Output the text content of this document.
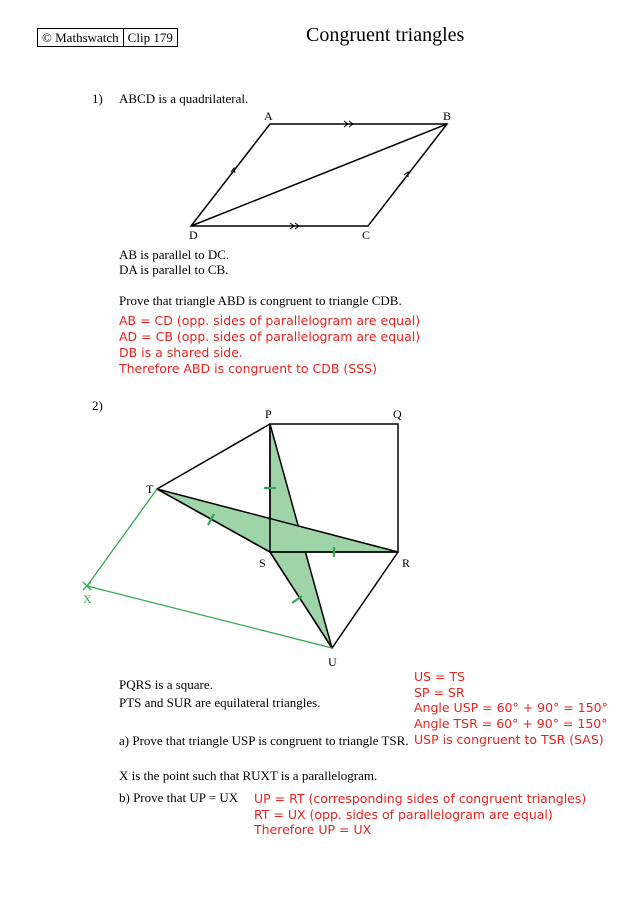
© Mathswatch Clip 179	Congruent triangles
1) ABCD is a quadrilateral.
A	B
C
D
AB is parallel to DC.
DA is parallel to CB.
Prove that triangle ABD is congruent to triangle CDB.
AB = CD (opp. sides of parallelogram are equal)
AD = CB (opp. sides of parallelogram are equal)
DB is a shared side.
Therefore ABD is congruent to CDB (SSS)
2)
P	Q
T
S	R
U
PQRS is a square.
PTS and SUR are equilateral triangles.
a) Prove that triangle USP is congruent to triangle TSR.
US = TS
SP = SR
Angle USP = 60° + 90° = 150°
Angle TSR = 60° + 90° = 150°
USP is congruent to TSR (SAS)
X is the point such that RUXT is a parallelogram.
b) Prove that UP = UX
X
UP = RT (corresponding sides of congruent triangles)
RT = UX (opp. sides of parallelogram are equal)
Therefore UP = UX
